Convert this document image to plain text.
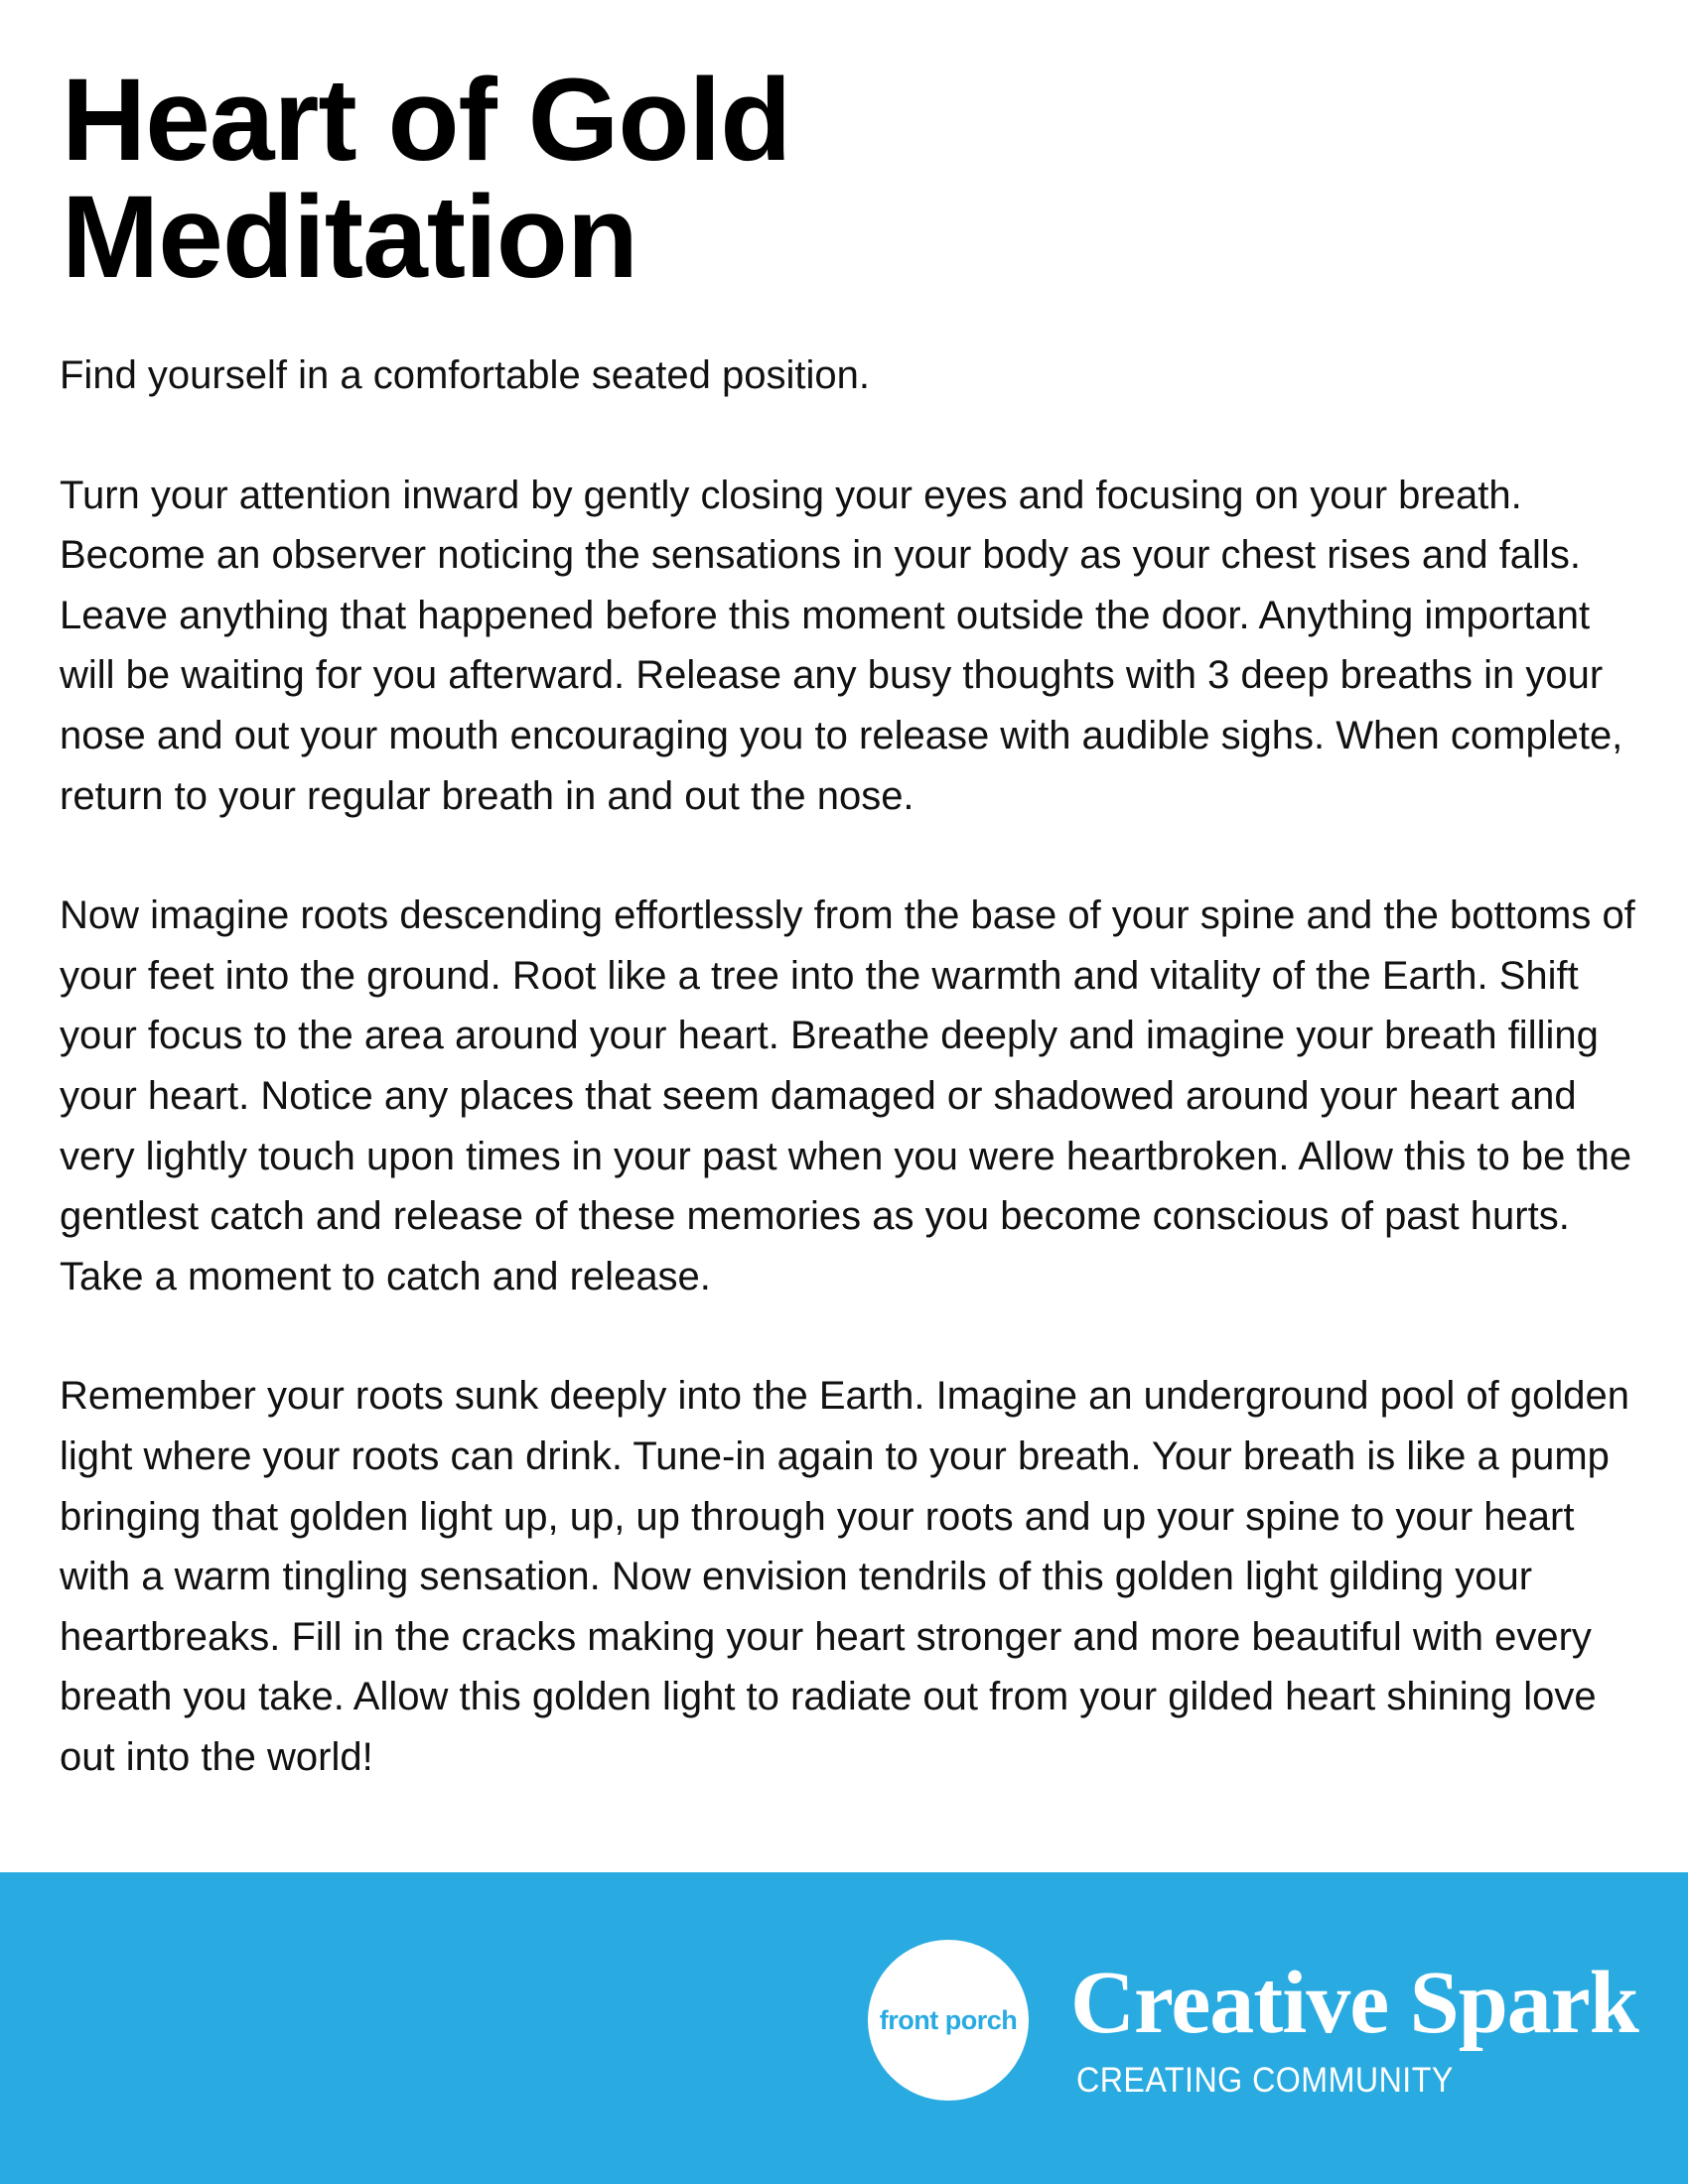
Heart of Gold
Meditation

Find yourself in a comfortable seated position.

Turn your attention inward by gently closing your eyes and focusing on your breath. Become an observer noticing the sensations in your body as your chest rises and falls. Leave anything that happened before this moment outside the door. Anything important will be waiting for you afterward. Release any busy thoughts with 3 deep breaths in your nose and out your mouth encouraging you to release with audible sighs. When complete, return to your regular breath in and out the nose.

Now imagine roots descending effortlessly from the base of your spine and the bottoms of your feet into the ground. Root like a tree into the warmth and vitality of the Earth. Shift your focus to the area around your heart. Breathe deeply and imagine your breath filling your heart. Notice any places that seem damaged or shadowed around your heart and very lightly touch upon times in your past when you were heartbroken. Allow this to be the gentlest catch and release of these memories as you become conscious of past hurts. Take a moment to catch and release.

Remember your roots sunk deeply into the Earth. Imagine an underground pool of golden light where your roots can drink. Tune-in again to your breath. Your breath is like a pump bringing that golden light up, up, up through your roots and up your spine to your heart with a warm tingling sensation. Now envision tendrils of this golden light gilding your heartbreaks. Fill in the cracks making your heart stronger and more beautiful with every breath you take. Allow this golden light to radiate out from your gilded heart shining love out into the world!

front porch Creative Spark
CREATING COMMUNITY
